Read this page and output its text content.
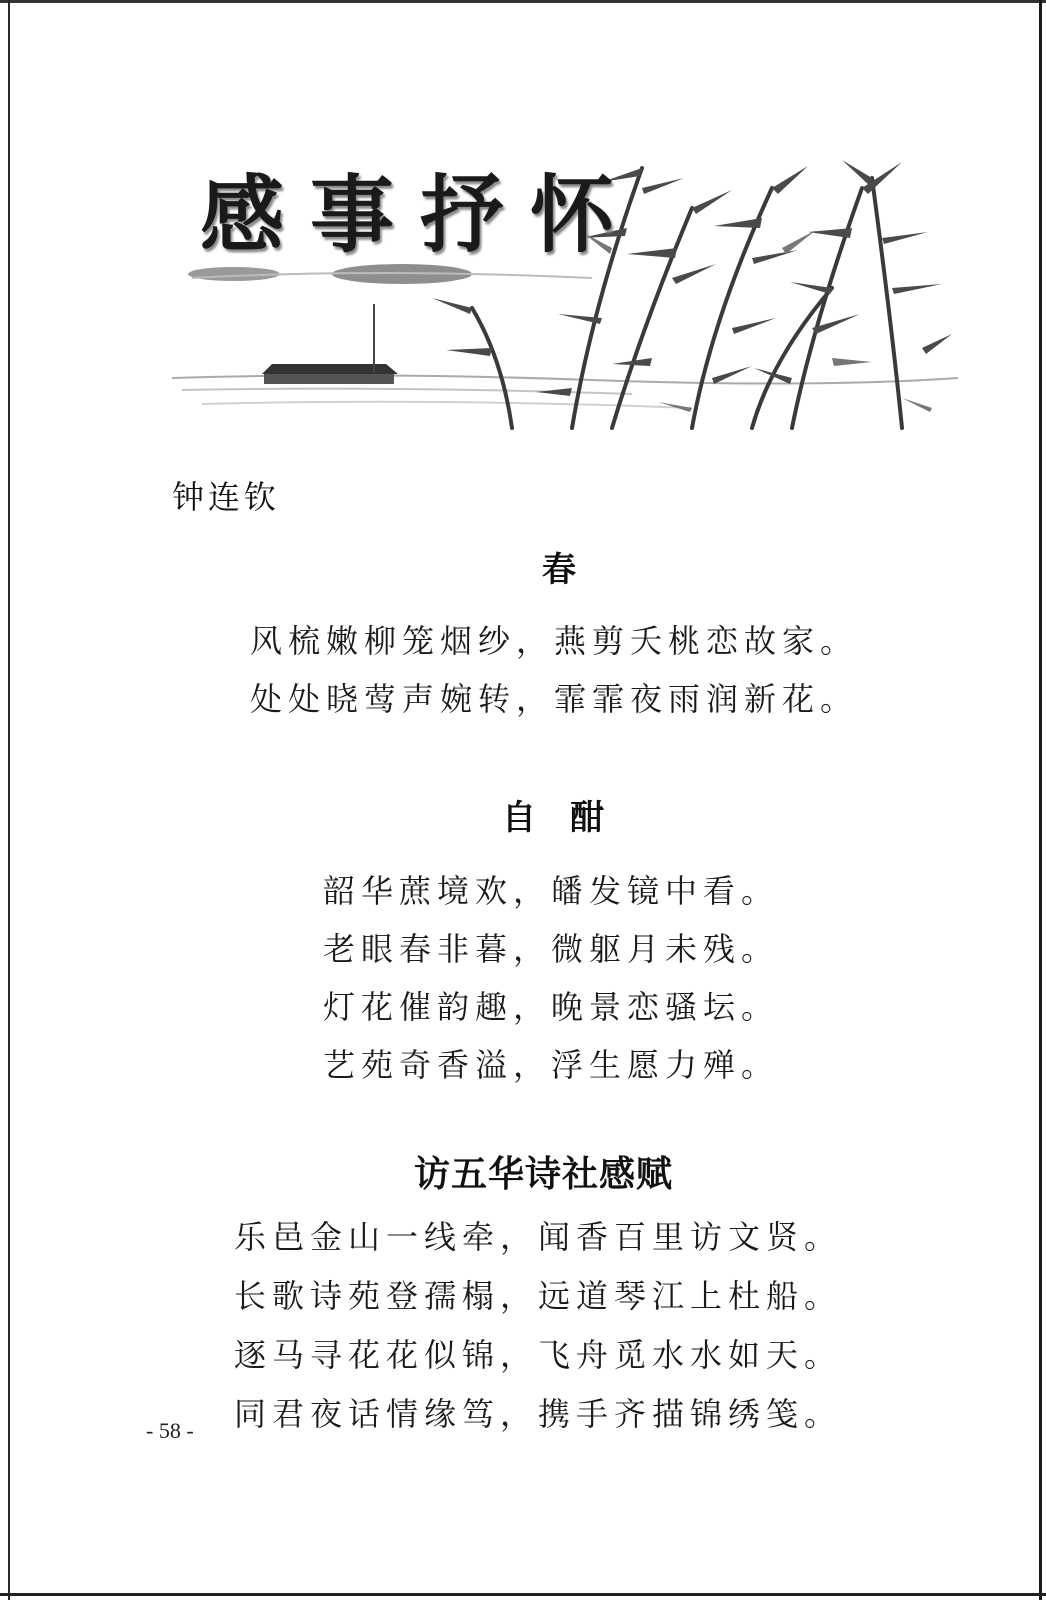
感事抒怀
钟连钦
春
风梳嫩柳笼烟纱，燕剪夭桃恋故家。
处处晓莺声婉转，霏霏夜雨润新花。
自酣
韶华蔗境欢，皤发镜中看。
老眼春非暮，微躯月未残。
灯花催韵趣，晚景恋骚坛。
艺苑奇香溢，浮生愿力殚。
访五华诗社感赋
乐邑金山一线牵，闻香百里访文贤。
长歌诗苑登孺榻，远道琴江上杜船。
逐马寻花花似锦，飞舟觅水水如天。
同君夜话情缘笃，携手齐描锦绣笺。
- 58 -
